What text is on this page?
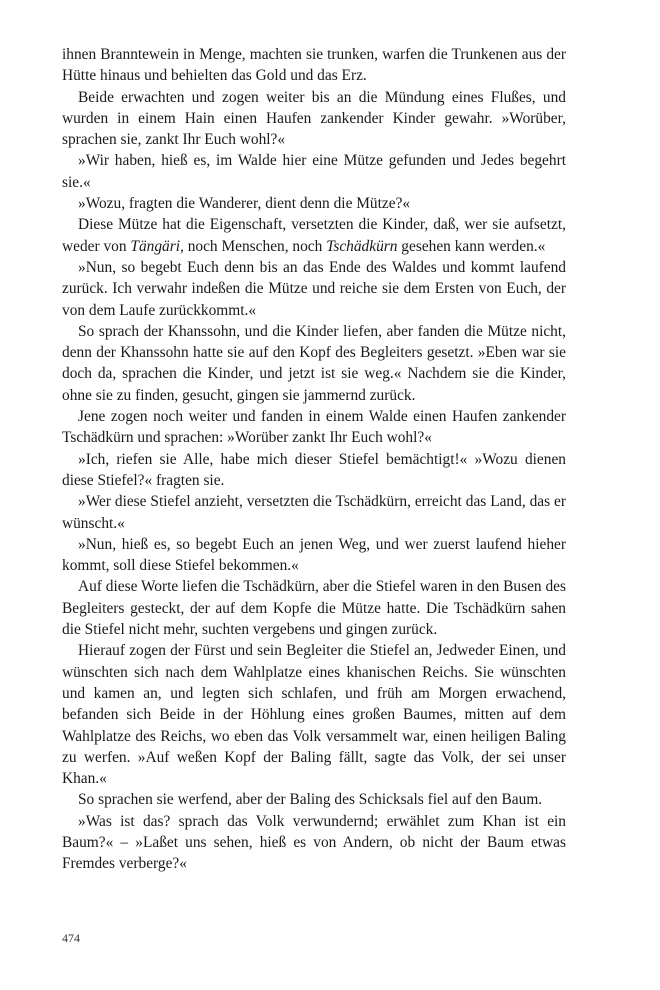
ihnen Branntewein in Menge, machten sie trunken, warfen die Trunkenen aus der Hütte hinaus und behielten das Gold und das Erz.

Beide erwachten und zogen weiter bis an die Mündung eines Flußes, und wurden in einem Hain einen Haufen zankender Kinder gewahr. »Worüber, sprachen sie, zankt Ihr Euch wohl?«

»Wir haben, hieß es, im Walde hier eine Mütze gefunden und Jedes begehrt sie.«

»Wozu, fragten die Wanderer, dient denn die Mütze?«

Diese Mütze hat die Eigenschaft, versetzten die Kinder, daß, wer sie aufsetzt, weder von Tängäri, noch Menschen, noch Tschädkürn gesehen kann werden.«

»Nun, so begebt Euch denn bis an das Ende des Waldes und kommt laufend zurück. Ich verwahr indeßen die Mütze und reiche sie dem Ersten von Euch, der von dem Laufe zurückkommt.«

So sprach der Khanssohn, und die Kinder liefen, aber fanden die Mütze nicht, denn der Khanssohn hatte sie auf den Kopf des Begleiters gesetzt. »Eben war sie doch da, sprachen die Kinder, und jetzt ist sie weg.« Nachdem sie die Kinder, ohne sie zu finden, gesucht, gingen sie jammernd zurück.

Jene zogen noch weiter und fanden in einem Walde einen Haufen zankender Tschädkürn und sprachen: »Worüber zankt Ihr Euch wohl?«

»Ich, riefen sie Alle, habe mich dieser Stiefel bemächtigt!« »Wozu dienen diese Stiefel?« fragten sie.

»Wer diese Stiefel anzieht, versetzten die Tschädkürn, erreicht das Land, das er wünscht.«

»Nun, hieß es, so begebt Euch an jenen Weg, und wer zuerst laufend hieher kommt, soll diese Stiefel bekommen.«

Auf diese Worte liefen die Tschädkürn, aber die Stiefel waren in den Busen des Begleiters gesteckt, der auf dem Kopfe die Mütze hatte. Die Tschädkürn sahen die Stiefel nicht mehr, suchten vergebens und gingen zurück.

Hierauf zogen der Fürst und sein Begleiter die Stiefel an, Jedweder Einen, und wünschten sich nach dem Wahlplatze eines khanischen Reichs. Sie wünschten und kamen an, und legten sich schlafen, und früh am Morgen erwachend, befanden sich Beide in der Höhlung eines großen Baumes, mitten auf dem Wahlplatze des Reichs, wo eben das Volk versammelt war, einen heiligen Baling zu werfen. »Auf weßen Kopf der Baling fällt, sagte das Volk, der sei unser Khan.«

So sprachen sie werfend, aber der Baling des Schicksals fiel auf den Baum.

»Was ist das? sprach das Volk verwundernd; erwählet zum Khan ist ein Baum?« – »Laßet uns sehen, hieß es von Andern, ob nicht der Baum etwas Fremdes verberge?«

474
